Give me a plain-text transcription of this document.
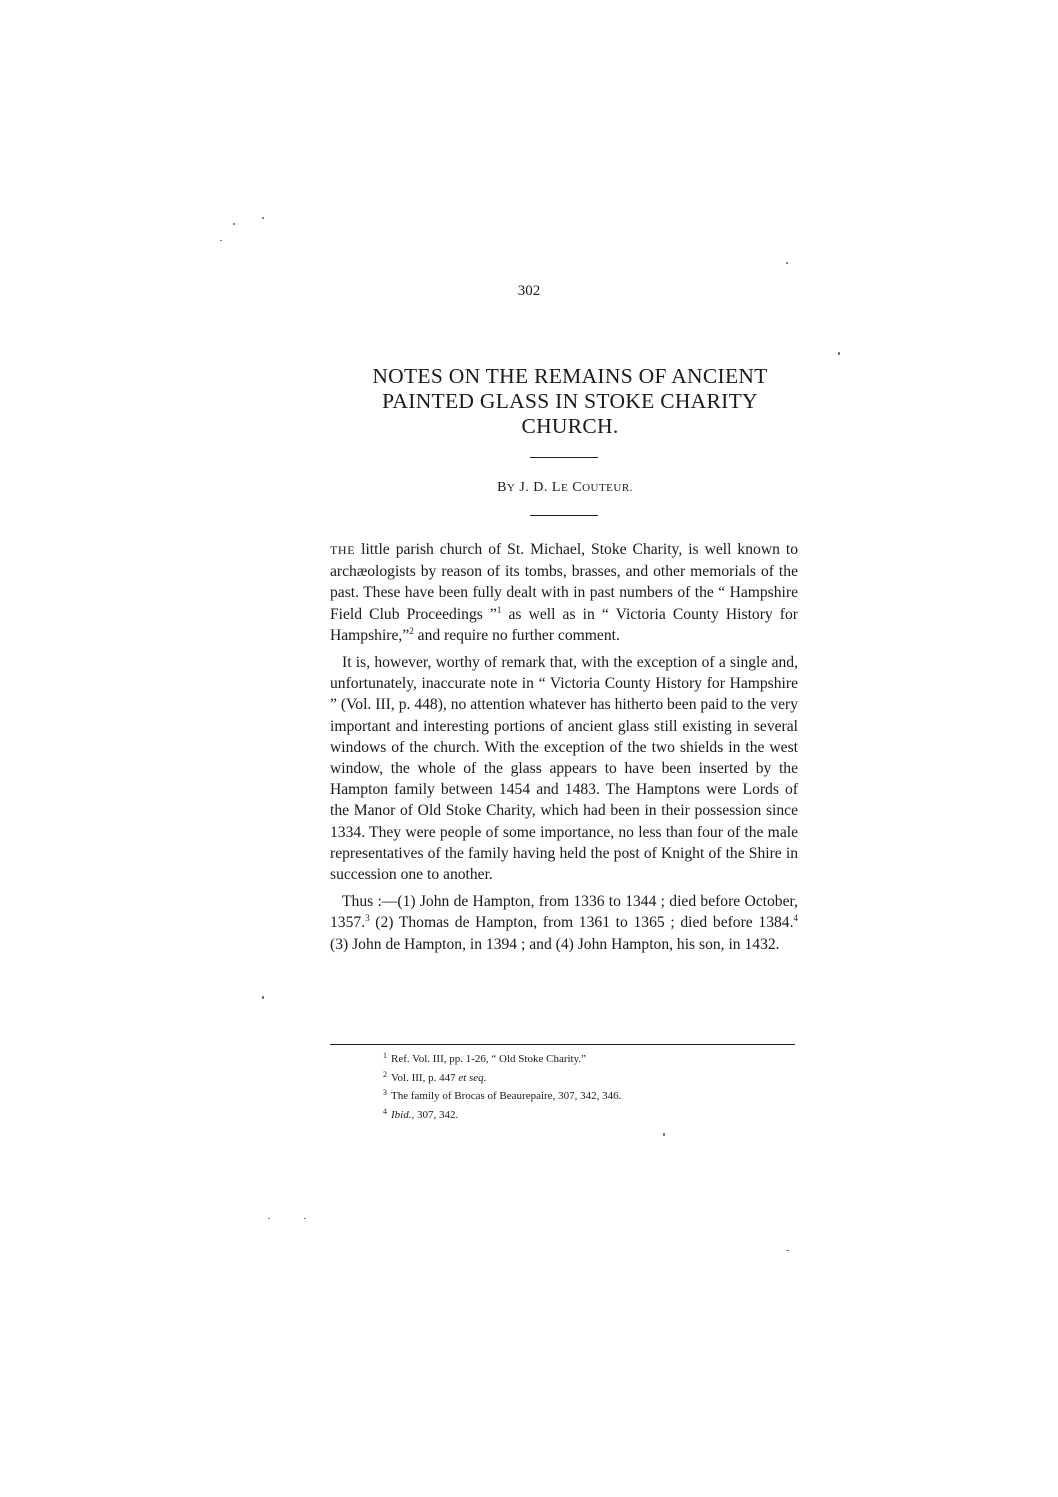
302
NOTES ON THE REMAINS OF ANCIENT
PAINTED GLASS IN STOKE CHARITY
CHURCH.
BY J. D. LE COUTEUR.

THE little parish church of St. Michael, Stoke Charity, is well known to archæologists by reason of its tombs, brasses, and other memorials of the past. These have been fully dealt with in past numbers of the “ Hampshire Field Club Proceedings ”$^1$ as well as in “ Victoria County History for Hampshire,”$^2$ and require no further comment.

It is, however, worthy of remark that, with the exception of a single and, unfortunately, inaccurate note in “ Victoria County History for Hampshire ” (Vol. III, p. 448), no attention whatever has hitherto been paid to the very important and interesting portions of ancient glass still existing in several windows of the church. With the exception of the two shields in the west window, the whole of the glass appears to have been inserted by the Hampton family between 1454 and 1483. The Hamptons were Lords of the Manor of Old Stoke Charity, which had been in their possession since 1334. They were people of some importance, no less than four of the male representatives of the family having held the post of Knight of the Shire in succession one to another.

Thus :—(1) John de Hampton, from 1336 to 1344 ; died before October, 1357.$^3$ (2) Thomas de Hampton, from 1361 to 1365 ; died before 1384.$^4$ (3) John de Hampton, in 1394 ; and (4) John Hampton, his son, in 1432.

$^1$ Ref. Vol. III, pp. 1-26, “ Old Stoke Charity.”
$^2$ Vol. III, p. 447 et seq.
$^3$ The family of Brocas of Beaurepaire, 307, 342, 346.
$^4$ Ibid., 307, 342.
